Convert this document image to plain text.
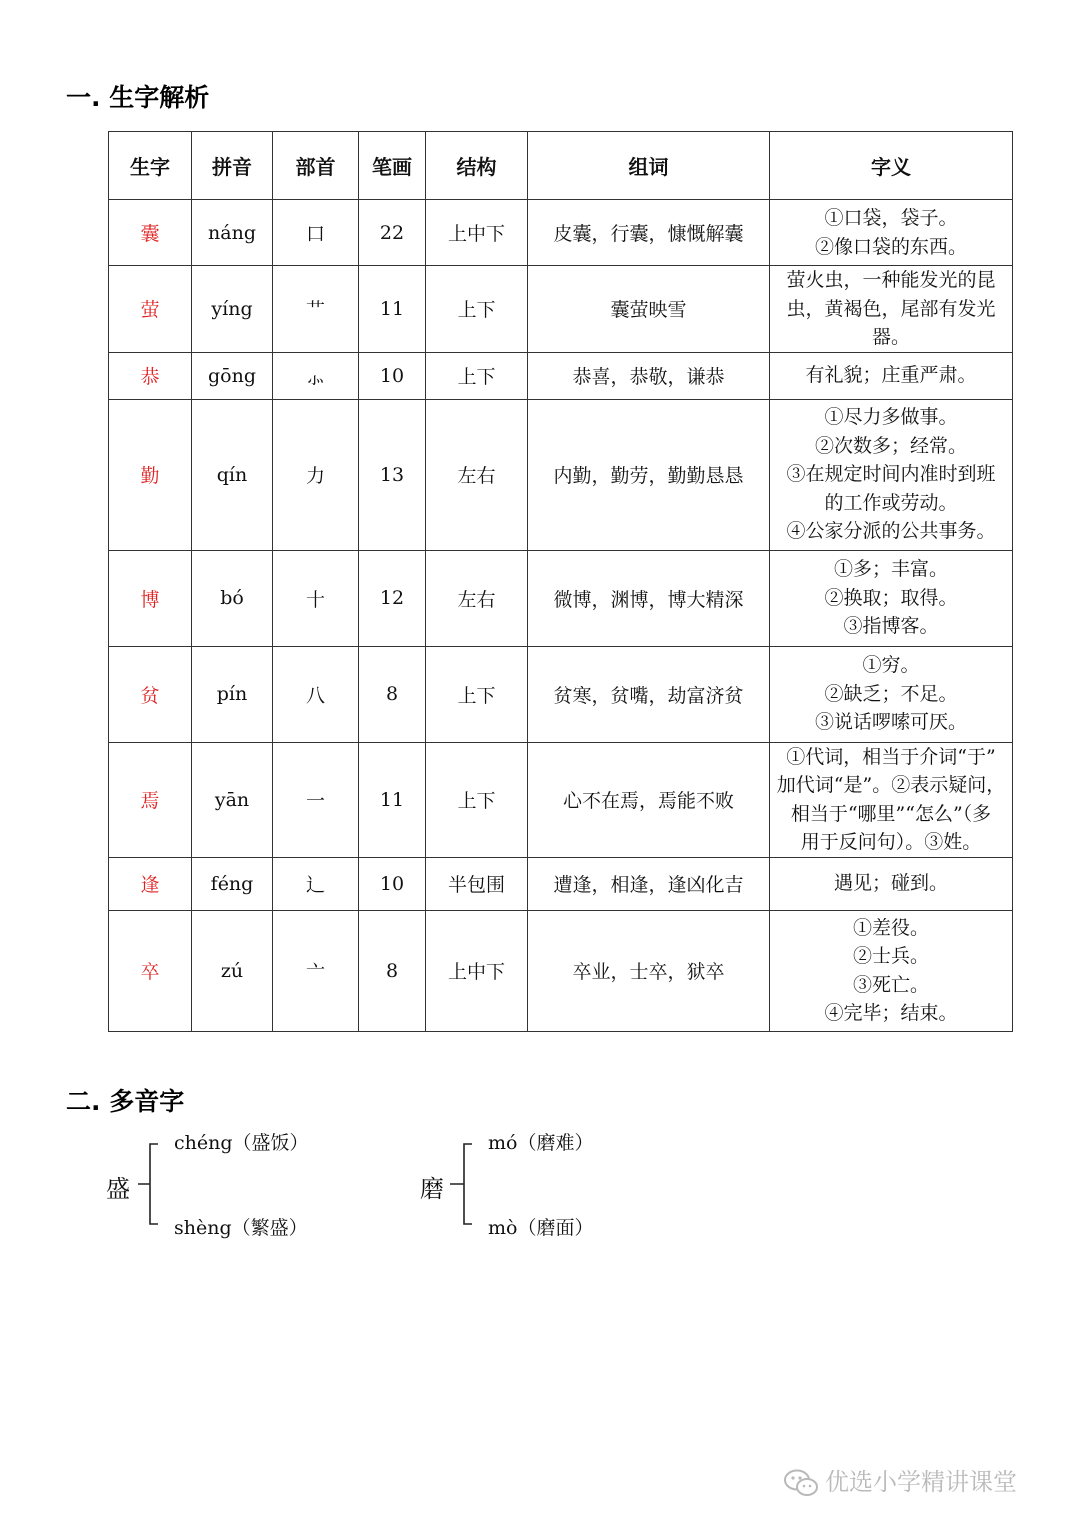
一. 生字解析
生字	拼音	部首	笔画	结构	组词	字义
囊	náng	口	22	上中下	皮囊，行囊，慷慨解囊	①口袋，袋子。
②像口袋的东西。

萤	yíng	艹	11	上下	囊萤映雪	萤火虫，一种能发光的昆
虫，黄褐色，尾部有发光器。

恭	gōng	⺗	10	上下	恭喜，恭敬，谦恭	有礼貌；庄重严肃。

勤	qín	力	13	左右	内勤，勤劳，勤勤恳恳	①尽力多做事。
②次数多；经常。
③在规定时间内准时到班
的工作或劳动。
④公家分派的公共事务。

博	bó	十	12	左右	微博，渊博，博大精深	①多；丰富。
②换取；取得。
③指博客。

贫	pín	八	8	上下	贫寒，贫嘴，劫富济贫	①穷。
②缺乏；不足。
③说话啰嗦可厌。

焉	yān	一	11	上下	心不在焉，焉能不败	①代词，相当于介词“于”
加代词“是”。②表示疑问，
相当于“哪里”“怎么”（多
用于反问句）。③姓。

逢	féng	辶	10	半包围	遭逢，相逢，逢凶化吉	遇见；碰到。

卒	zú	亠	8	上中下	卒业，士卒，狱卒	①差役。
②士兵。
③死亡。
④完毕；结束。
二. 多音字
盛
chéng（盛饭）
shèng（繁盛）
磨
mó（磨难）
mò（磨面）
优选小学精讲课堂
